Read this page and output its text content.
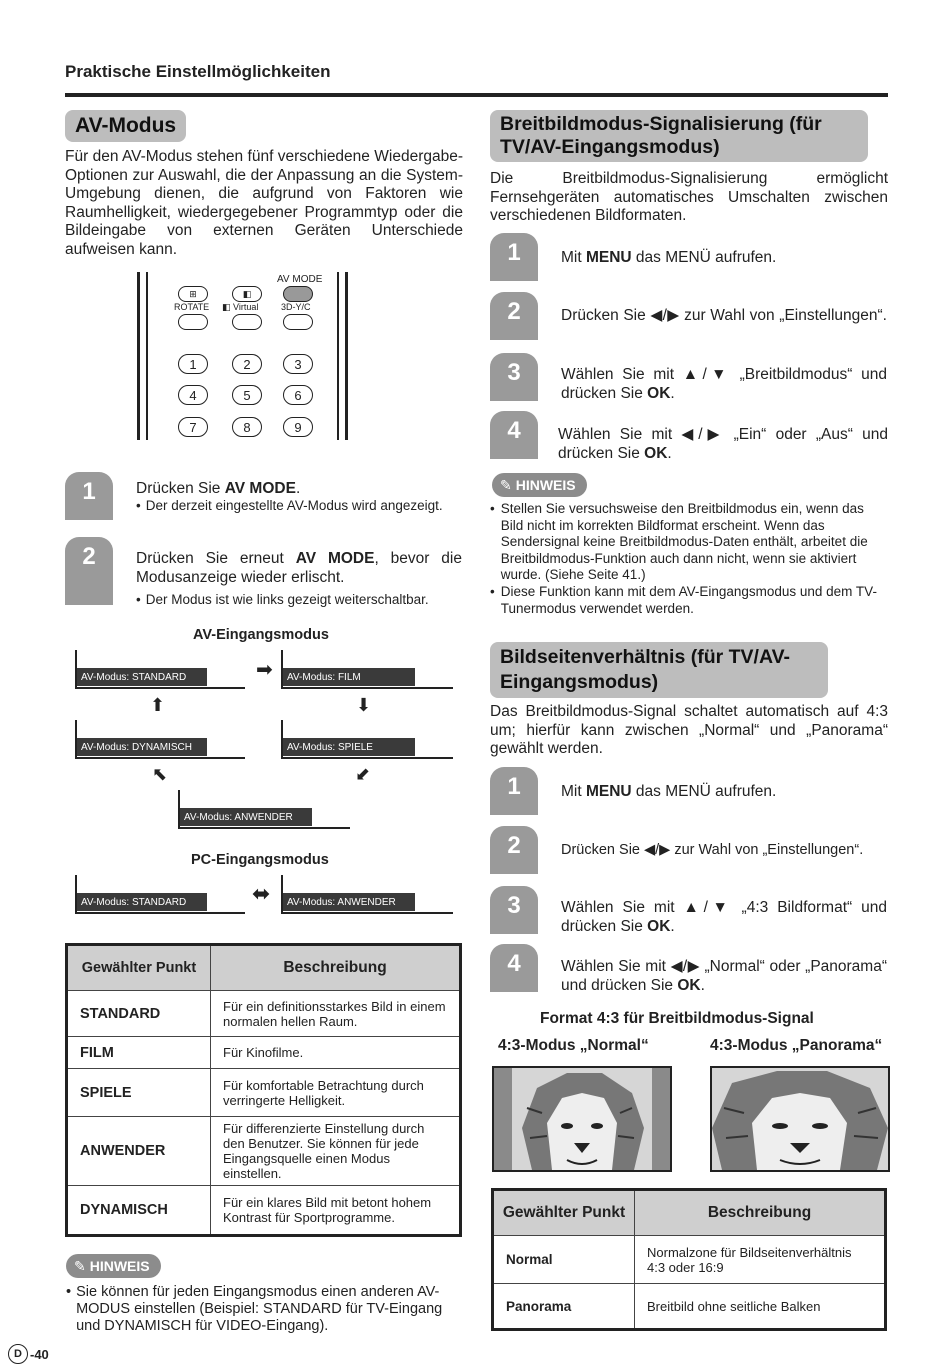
Praktische Einstellmöglichkeiten
AV-Modus
Für den AV-Modus stehen fünf verschiedene Wiedergabe-Optionen zur Auswahl, die der Anpassung an die System-Umgebung dienen, die aufgrund von Faktoren wie Raumhelligkeit, wiedergegebener Programmtyp oder die Bildeingabe von externen Geräten Unterschiede aufweisen kann.
AV MODE
⊞	◧
ROTATE ◧ Virtual	3D-Y/C
1	2	3
4	5	6
7	8	9
1	Drücken Sie AV MODE.
• Der derzeit eingestellte AV-Modus wird angezeigt.
2	Drücken Sie erneut AV MODE, bevor die Modusanzeige wieder erlischt.
• Der Modus ist wie links gezeigt weiterschaltbar.
AV-Eingangsmodus
AV-Modus: STANDARD	➡	AV-Modus: FILM
⬆	⬇
AV-Modus: DYNAMISCH	AV-Modus: SPIELE
⬉	⬋
AV-Modus: ANWENDER
PC-Eingangsmodus
AV-Modus: STANDARD	⬌	AV-Modus: ANWENDER
Gewählter Punkt	Beschreibung
STANDARD	Für ein definitionsstarkes Bild in einem normalen hellen Raum.
FILM	Für Kinofilme.
SPIELE	Für komfortable Betrachtung durch verringerte Helligkeit.
ANWENDER	Für differenzierte Einstellung durch den Benutzer. Sie können für jede Eingangsquelle einen Modus einstellen.
DYNAMISCH	Für ein klares Bild mit betont hohem Kontrast für Sportprogramme.
✎ HINWEIS
• Sie können für jeden Eingangsmodus einen anderen AV-MODUS einstellen (Beispiel: STANDARD für TV-Eingang und DYNAMISCH für VIDEO-Eingang).
D -40
Breitbildmodus-Signalisierung (für TV/AV-Eingangsmodus)
Die Breitbildmodus-Signalisierung ermöglicht Fernsehgeräten automatisches Umschalten zwischen verschiedenen Bildformaten.
1	Mit MENU das MENÜ aufrufen.
2	Drücken Sie ◀/▶ zur Wahl von „Einstellungen“.
3	Wählen Sie mit ▲/▼ „Breitbildmodus“ und drücken Sie OK.
4	Wählen Sie mit ◀/▶ „Ein“ oder „Aus“ und drücken Sie OK.
✎ HINWEIS
• Stellen Sie versuchsweise den Breitbildmodus ein, wenn das Bild nicht im korrekten Bildformat erscheint. Wenn das Sendersignal keine Breitbildmodus-Daten enthält, arbeitet die Breitbildmodus-Funktion auch dann nicht, wenn sie aktiviert wurde. (Siehe Seite 41.)
• Diese Funktion kann mit dem AV-Eingangsmodus und dem TV-Tunermodus verwendet werden.
Bildseitenverhältnis (für TV/AV-Eingangsmodus)
Das Breitbildmodus-Signal schaltet automatisch auf 4:3 um; hierfür kann zwischen „Normal“ und „Panorama“ gewählt werden.
1	Mit MENU das MENÜ aufrufen.
2	Drücken Sie ◀/▶ zur Wahl von „Einstellungen“.
3	Wählen Sie mit ▲/▼ „4:3 Bildformat“ und drücken Sie OK.
4	Wählen Sie mit ◀/▶ „Normal“ oder „Panorama“ und drücken Sie OK.
Format 4:3 für Breitbildmodus-Signal
4:3-Modus „Normal“	4:3-Modus „Panorama“
Gewählter Punkt	Beschreibung
Normal	Normalzone für Bildseitenverhältnis 4:3 oder 16:9
Panorama	Breitbild ohne seitliche Balken
